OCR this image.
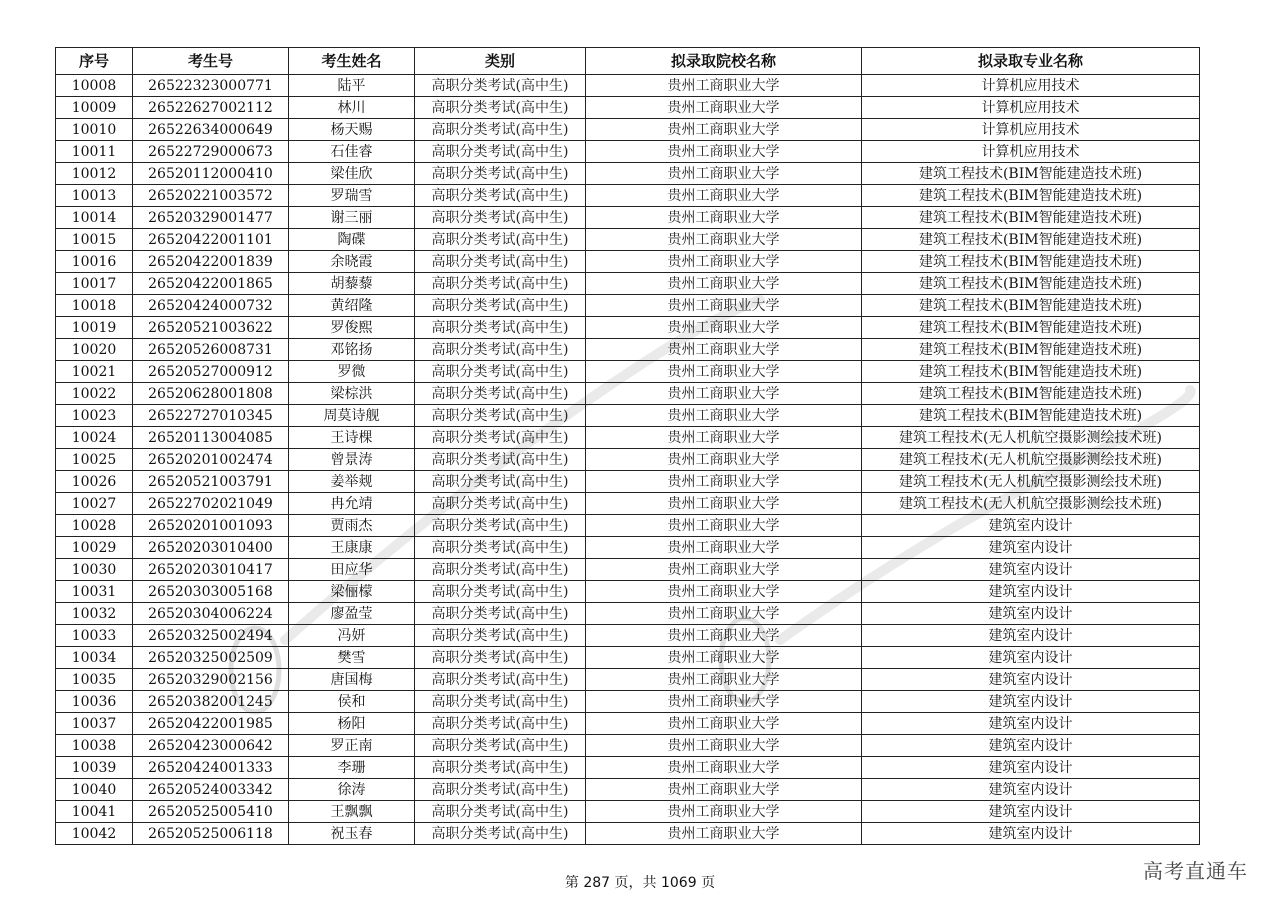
序号	考生号	考生姓名	类别	拟录取院校名称	拟录取专业名称
10008	26522323000771	陆平	高职分类考试(高中生)	贵州工商职业大学	计算机应用技术
10009	26522627002112	林川	高职分类考试(高中生)	贵州工商职业大学	计算机应用技术
10010	26522634000649	杨天赐	高职分类考试(高中生)	贵州工商职业大学	计算机应用技术
10011	26522729000673	石佳睿	高职分类考试(高中生)	贵州工商职业大学	计算机应用技术
10012	26520112000410	梁佳欣	高职分类考试(高中生)	贵州工商职业大学	建筑工程技术(BIM智能建造技术班)
10013	26520221003572	罗瑞雪	高职分类考试(高中生)	贵州工商职业大学	建筑工程技术(BIM智能建造技术班)
10014	26520329001477	谢三丽	高职分类考试(高中生)	贵州工商职业大学	建筑工程技术(BIM智能建造技术班)
10015	26520422001101	陶碟	高职分类考试(高中生)	贵州工商职业大学	建筑工程技术(BIM智能建造技术班)
10016	26520422001839	余晓霞	高职分类考试(高中生)	贵州工商职业大学	建筑工程技术(BIM智能建造技术班)
10017	26520422001865	胡藜藜	高职分类考试(高中生)	贵州工商职业大学	建筑工程技术(BIM智能建造技术班)
10018	26520424000732	黄绍隆	高职分类考试(高中生)	贵州工商职业大学	建筑工程技术(BIM智能建造技术班)
10019	26520521003622	罗俊熙	高职分类考试(高中生)	贵州工商职业大学	建筑工程技术(BIM智能建造技术班)
10020	26520526008731	邓铭扬	高职分类考试(高中生)	贵州工商职业大学	建筑工程技术(BIM智能建造技术班)
10021	26520527000912	罗微	高职分类考试(高中生)	贵州工商职业大学	建筑工程技术(BIM智能建造技术班)
10022	26520628001808	梁棕洪	高职分类考试(高中生)	贵州工商职业大学	建筑工程技术(BIM智能建造技术班)
10023	26522727010345	周莫诗舰	高职分类考试(高中生)	贵州工商职业大学	建筑工程技术(BIM智能建造技术班)
10024	26520113004085	王诗棵	高职分类考试(高中生)	贵州工商职业大学	建筑工程技术(无人机航空摄影测绘技术班)
10025	26520201002474	曾景涛	高职分类考试(高中生)	贵州工商职业大学	建筑工程技术(无人机航空摄影测绘技术班)
10026	26520521003791	姜举觌	高职分类考试(高中生)	贵州工商职业大学	建筑工程技术(无人机航空摄影测绘技术班)
10027	26522702021049	冉允靖	高职分类考试(高中生)	贵州工商职业大学	建筑工程技术(无人机航空摄影测绘技术班)
10028	26520201001093	贾雨杰	高职分类考试(高中生)	贵州工商职业大学	建筑室内设计
10029	26520203010400	王康康	高职分类考试(高中生)	贵州工商职业大学	建筑室内设计
10030	26520203010417	田应华	高职分类考试(高中生)	贵州工商职业大学	建筑室内设计
10031	26520303005168	梁俪檬	高职分类考试(高中生)	贵州工商职业大学	建筑室内设计
10032	26520304006224	廖盈莹	高职分类考试(高中生)	贵州工商职业大学	建筑室内设计
10033	26520325002494	冯妍	高职分类考试(高中生)	贵州工商职业大学	建筑室内设计
10034	26520325002509	樊雪	高职分类考试(高中生)	贵州工商职业大学	建筑室内设计
10035	26520329002156	唐国梅	高职分类考试(高中生)	贵州工商职业大学	建筑室内设计
10036	26520382001245	侯和	高职分类考试(高中生)	贵州工商职业大学	建筑室内设计
10037	26520422001985	杨阳	高职分类考试(高中生)	贵州工商职业大学	建筑室内设计
10038	26520423000642	罗正南	高职分类考试(高中生)	贵州工商职业大学	建筑室内设计
10039	26520424001333	李珊	高职分类考试(高中生)	贵州工商职业大学	建筑室内设计
10040	26520524003342	徐涛	高职分类考试(高中生)	贵州工商职业大学	建筑室内设计
10041	26520525005410	王飘飘	高职分类考试(高中生)	贵州工商职业大学	建筑室内设计
10042	26520525006118	祝玉春	高职分类考试(高中生)	贵州工商职业大学	建筑室内设计
第 287 页，共 1069 页	高考直通车
